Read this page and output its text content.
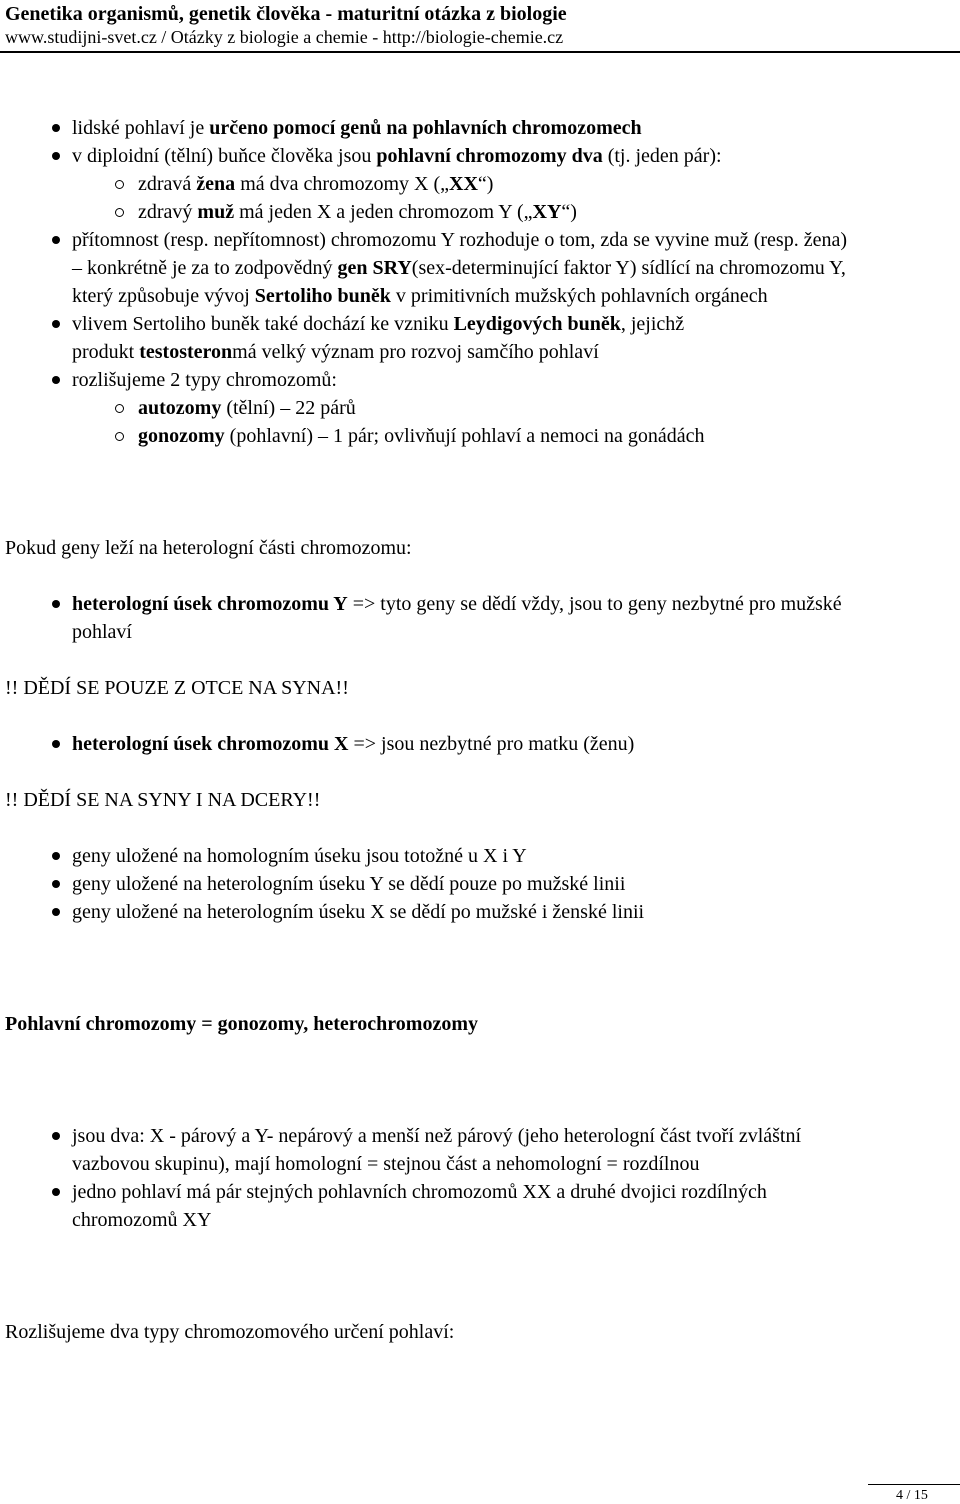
Genetika organismů, genetik člověka - maturitní otázka z biologie
www.studijni-svet.cz / Otázky z biologie a chemie - http://biologie-chemie.cz
lidské pohlaví je určeno pomocí genů na pohlavních chromozomech
v diploidní (tělní) buňce člověka jsou pohlavní chromozomy dva (tj. jeden pár):
zdravá žena má dva chromozomy X („XX“)
zdravý muž má jeden X a jeden chromozom Y („XY“)
přítomnost (resp. nepřítomnost) chromozomu Y rozhoduje o tom, zda se vyvine muž (resp. žena)
– konkrétně je za to zodpovědný gen SRY(sex-determinující faktor Y) sídlící na chromozomu Y,
který způsobuje vývoj Sertoliho buněk v primitivních mužských pohlavních orgánech
vlivem Sertoliho buněk také dochází ke vzniku Leydigových buněk, jejichž
produkt testosteronmá velký význam pro rozvoj samčího pohlaví
rozlišujeme 2 typy chromozomů:
autozomy (tělní) – 22 párů
gonozomy (pohlavní) – 1 pár; ovlivňují pohlaví a nemoci na gonádách
Pokud geny leží na heterologní části chromozomu:
heterologní úsek chromozomu Y => tyto geny se dědí vždy, jsou to geny nezbytné pro mužské
pohlaví
!! DĚDÍ SE POUZE Z OTCE NA SYNA!!
heterologní úsek chromozomu X => jsou nezbytné pro matku (ženu)
!! DĚDÍ SE NA SYNY I NA DCERY!!
geny uložené na homologním úseku jsou totožné u X i Y
geny uložené na heterologním úseku Y se dědí pouze po mužské linii
geny uložené na heterologním úseku X se dědí po mužské i ženské linii
Pohlavní chromozomy = gonozomy, heterochromozomy
jsou dva: X - párový a Y- nepárový a menší než párový (jeho heterologní část tvoří zvláštní
vazbovou skupinu), mají homologní = stejnou část a nehomologní = rozdílnou
jedno pohlaví má pár stejných pohlavních chromozomů XX a druhé dvojici rozdílných
chromozomů XY
Rozlišujeme dva typy chromozomového určení pohlaví:
4 / 15
